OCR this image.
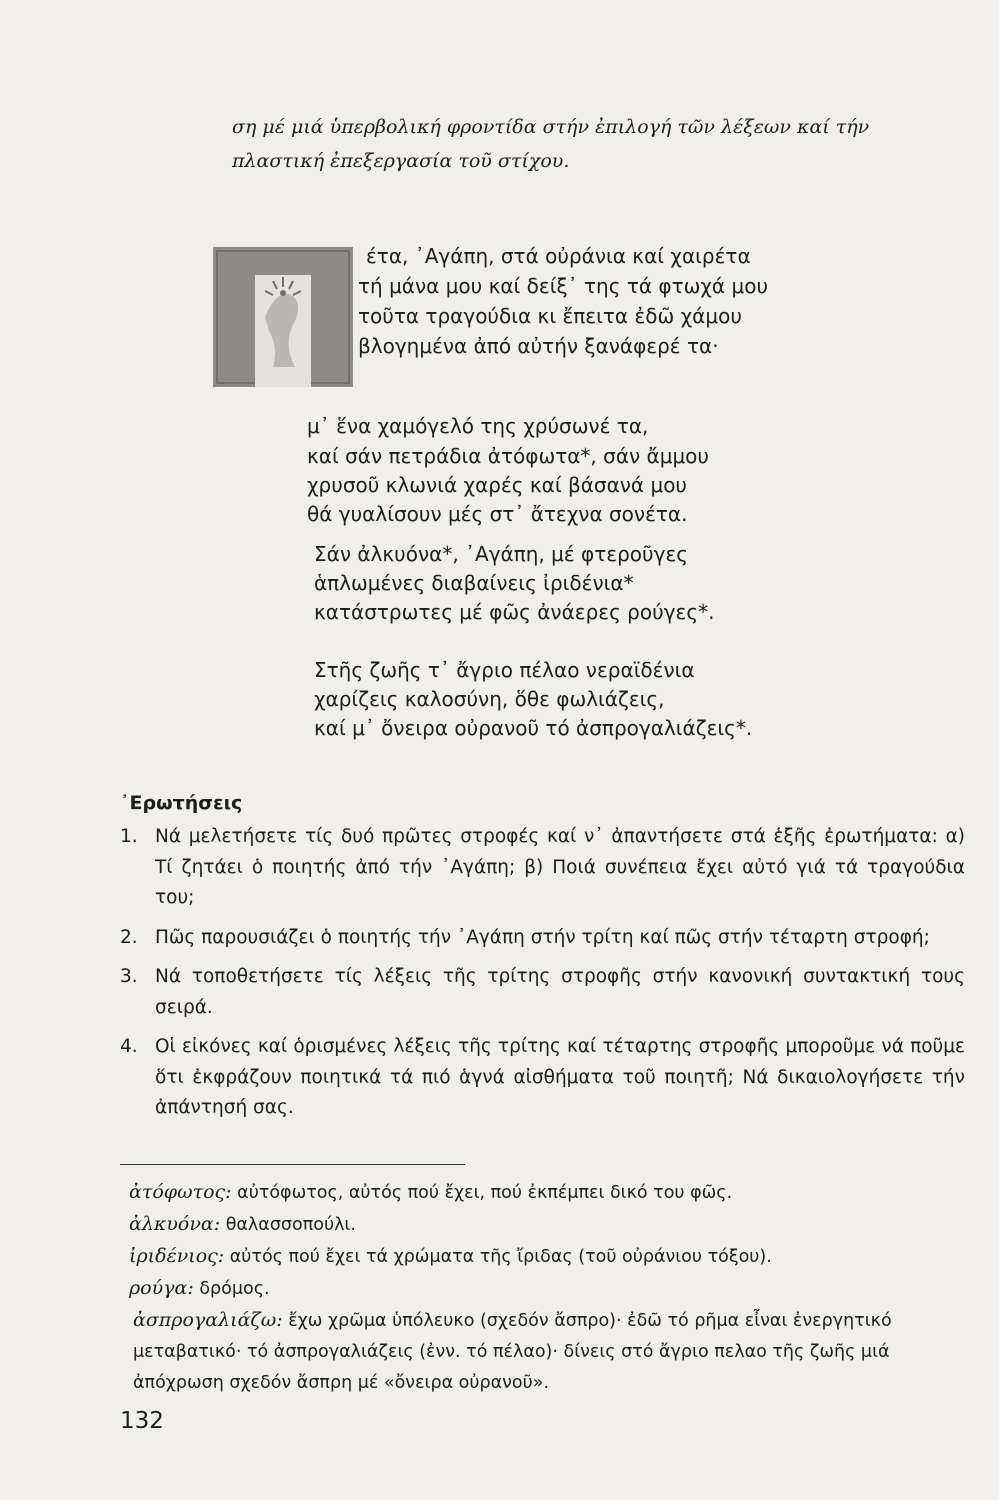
ση μέ μιά ὑπερβολική φροντίδα στήν ἐπιλογή τῶν λέξεων καί τήν πλαστική ἐπεξεργασία τοῦ στίχου.

έτα, ᾿Αγάπη, στά οὐράνια καί χαιρέτα

τή μάνα μου καί δείξ᾿ της τά φτωχά μου

τοῦτα τραγούδια κι ἔπειτα ἐδῶ χάμου

βλογημένα ἀπό αὐτήν ξανάφερέ τα·

μ᾿ ἕνα χαμόγελό της χρύσωνέ τα,

καί σάν πετράδια ἀτόφωτα*, σάν ἄμμου

χρυσοῦ κλωνιά χαρές καί βάσανά μου

θά γυαλίσουν μές στ᾿ ἄτεχνα σονέτα.

Σάν ἀλκυόνα*, ᾿Αγάπη, μέ φτεροῦγες

ἁπλωμένες διαβαίνεις ἰριδένια*

κατάστρωτες μέ φῶς ἀνάερες ρούγες*.

Στῆς ζωῆς τ᾿ ἄγριο πέλαο νεραϊδένια

χαρίζεις καλοσύνη, ὅθε φωλιάζεις,

καί μ᾿ ὄνειρα οὐρανοῦ τό ἀσπρογαλιάζεις*.

᾿Ερωτήσεις
1. Νά μελετήσετε τίς δυό πρῶτες στροφές καί ν᾿ ἀπαντήσετε στά ἑξῆς ἐρωτήματα: α) Τί ζητάει ὁ ποιητής ἀπό τήν ᾿Αγάπη; β) Ποιά συνέπεια ἔχει αὐτό γιά τά τραγούδια του;
2. Πῶς παρουσιάζει ὁ ποιητής τήν ᾿Αγάπη στήν τρίτη καί πῶς στήν τέταρτη στροφή;
3. Νά τοποθετήσετε τίς λέξεις τῆς τρίτης στροφῆς στήν κανονική συντακτική τους σειρά.
4. Οἱ εἰκόνες καί ὁρισμένες λέξεις τῆς τρίτης καί τέταρτης στροφῆς μποροῦμε νά ποῦμε ὅτι ἐκφράζουν ποιητικά τά πιό ἁγνά αἰσθήματα τοῦ ποιητῆ; Νά δικαιολογήσετε τήν ἀπάντησή σας.
ἀτόφωτος: αὐτόφωτος, αὐτός πού ἔχει, πού ἐκπέμπει δικό του φῶς.
ἀλκυόνα: θαλασσοπούλι.
ἰριδένιος: αὐτός πού ἔχει τά χρώματα τῆς ἴριδας (τοῦ οὐράνιου τόξου).
ρούγα: δρόμος.
ἀσπρογαλιάζω: ἔχω χρῶμα ὑπόλευκο (σχεδόν ἄσπρο)· ἐδῶ τό ρῆμα εἶναι ἐνεργητικό μεταβατικό· τό ἀσπρογαλιάζεις (ἐνν. τό πέλαο)· δίνεις στό ἄγριο πελαο τῆς ζωῆς μιά ἀπόχρωση σχεδόν ἄσπρη μέ «ὄνειρα οὐρανοῦ».

132
